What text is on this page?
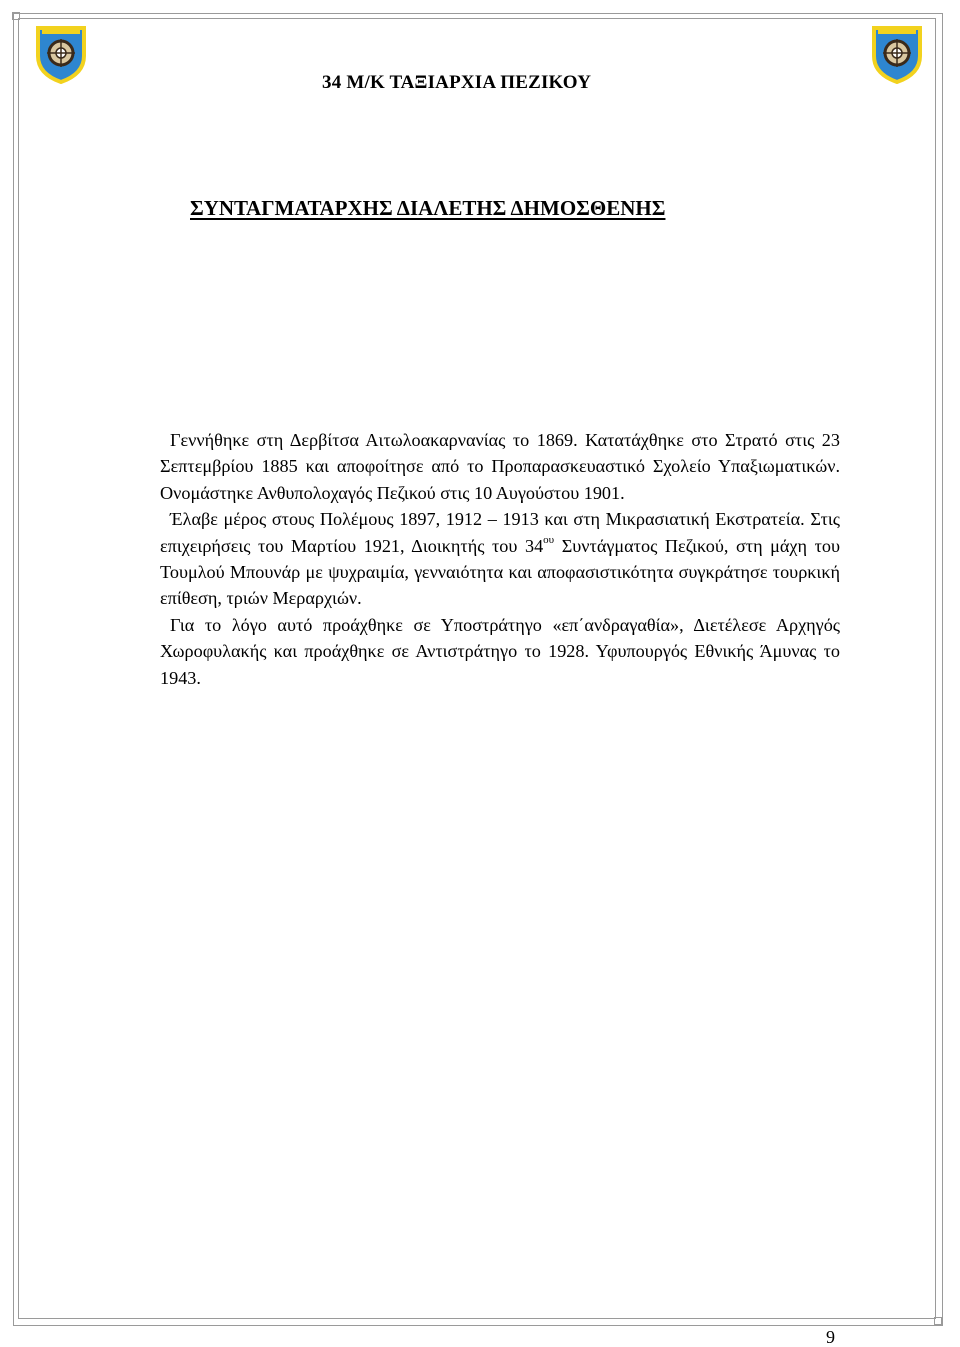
34 Μ/Κ ΤΑΞΙΑΡΧΙΑ ΠΕΖΙΚΟΥ
ΣΥΝΤΑΓΜΑΤΑΡΧΗΣ ΔΙΑΛΕΤΗΣ ΔΗΜΟΣΘΕΝΗΣ

Γεννήθηκε στη Δερβίτσα Αιτωλοακαρνανίας το 1869. Κατατάχθηκε στο Στρατό στις 23 Σεπτεμβρίου 1885 και αποφοίτησε από το Προπαρασκευαστικό Σχολείο Υπαξιωματικών. Ονομάστηκε Ανθυπολοχαγός Πεζικού στις 10 Αυγούστου 1901.

Έλαβε μέρος στους Πολέμους 1897, 1912 – 1913 και στη Μικρασιατική Εκστρατεία. Στις επιχειρήσεις του Μαρτίου 1921, Διοικητής του $34^{o\upsilon}$ Συντάγματος Πεζικού, στη μάχη του Τουμλού Μπουνάρ με ψυχραιμία, γενναιότητα και αποφασιστικότητα συγκράτησε τουρκική επίθεση, τριών Μεραρχιών.

Για το λόγο αυτό προάχθηκε σε Υποστράτηγο «επ΄ανδραγαθία», Διετέλεσε Αρχηγός Χωροφυλακής και προάχθηκε σε Αντιστράτηγο το 1928. Υφυπουργός Εθνικής Άμυνας το 1943.

9
